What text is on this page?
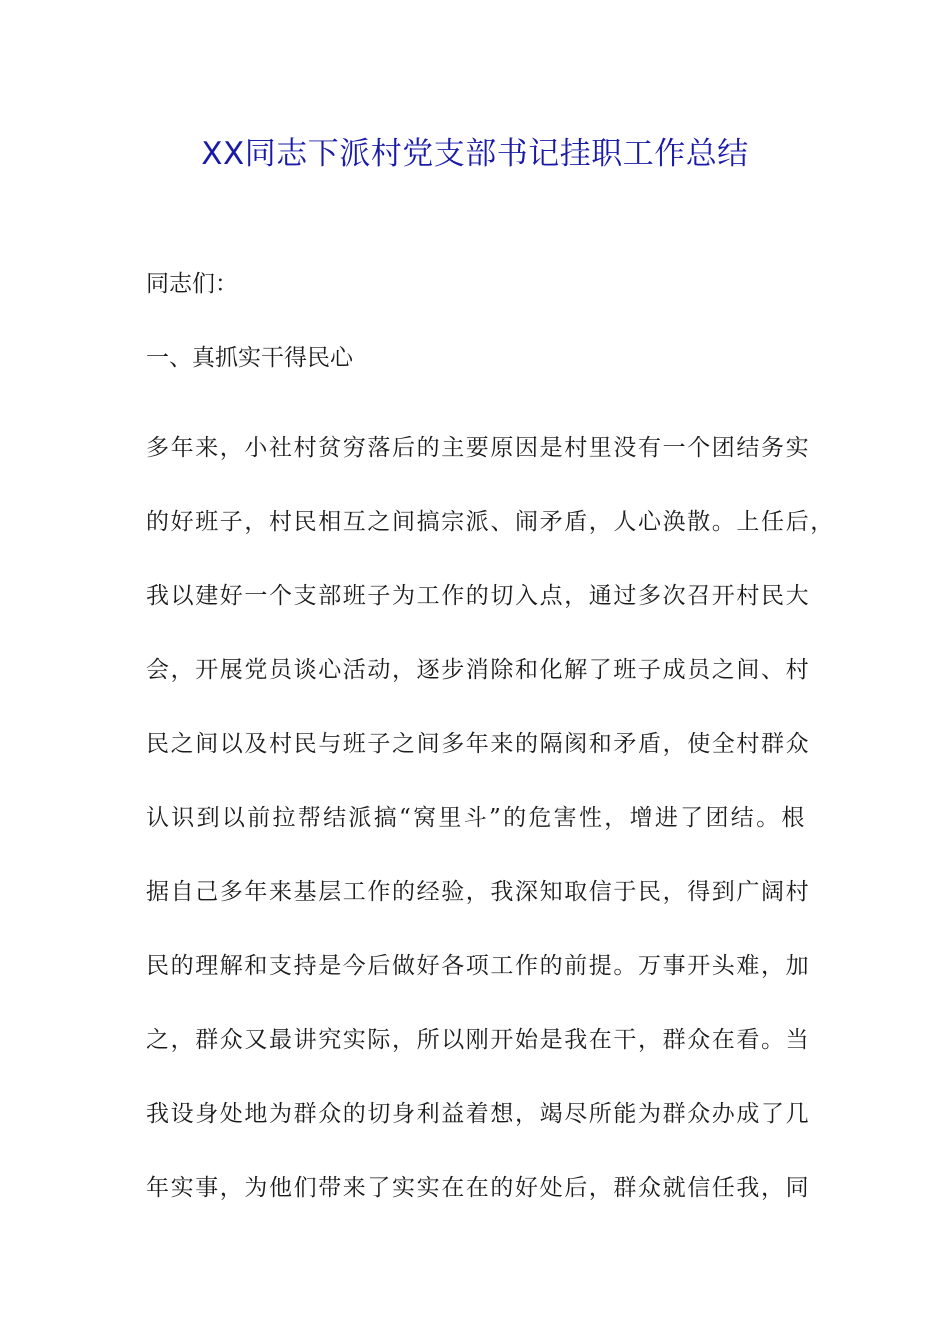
XX同志下派村党支部书记挂职工作总结

同志们：

一、真抓实干得民心

多年来，小社村贫穷落后的主要原因是村里没有一个团结务实
的好班子，村民相互之间搞宗派、闹矛盾，人心涣散。上任后，
我以建好一个支部班子为工作的切入点，通过多次召开村民大
会，开展党员谈心活动，逐步消除和化解了班子成员之间、村
民之间以及村民与班子之间多年来的隔阂和矛盾，使全村群众
认识到以前拉帮结派搞“窝里斗”的危害性，增进了团结。根
据自己多年来基层工作的经验，我深知取信于民，得到广阔村
民的理解和支持是今后做好各项工作的前提。万事开头难，加
之，群众又最讲究实际，所以刚开始是我在干，群众在看。当
我设身处地为群众的切身利益着想，竭尽所能为群众办成了几
年实事，为他们带来了实实在在的好处后，群众就信任我，同
